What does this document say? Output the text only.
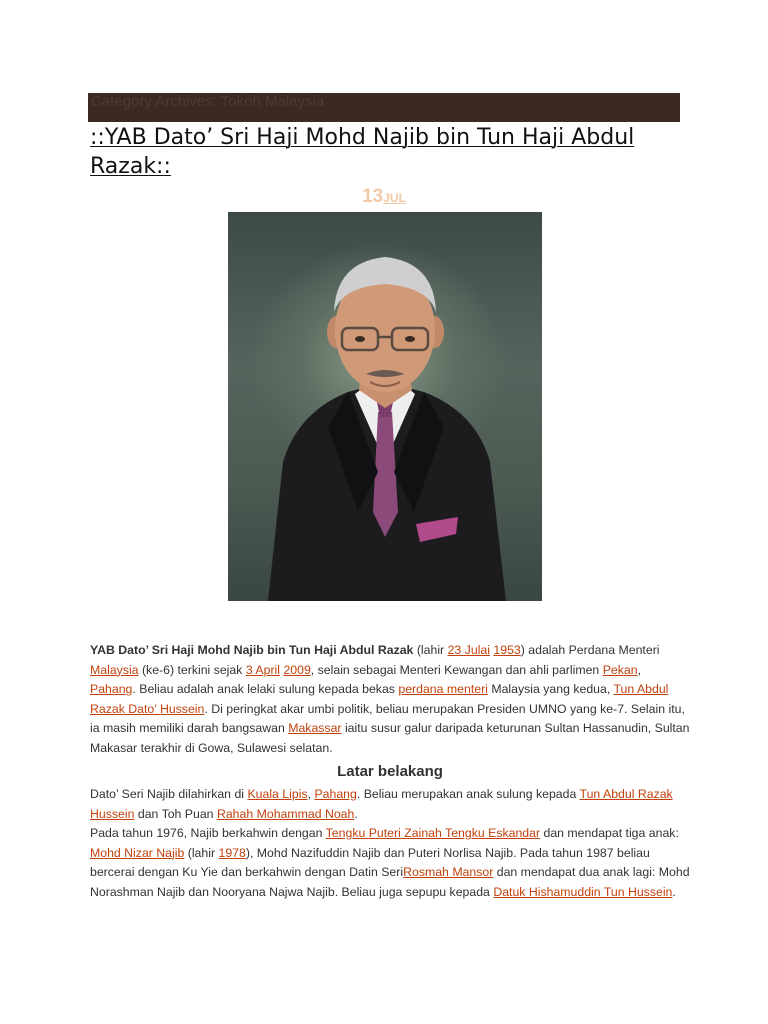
Category Archives: Tokoh Malaysia
::YAB Dato’ Sri Haji Mohd Najib bin Tun Haji Abdul Razak::
13JUL

YAB Dato’ Sri Haji Mohd Najib bin Tun Haji Abdul Razak (lahir 23 Julai 1953) adalah Perdana Menteri Malaysia (ke-6) terkini sejak 3 April 2009, selain sebagai Menteri Kewangan dan ahli parlimen Pekan, Pahang. Beliau adalah anak lelaki sulung kepada bekas perdana menteri Malaysia yang kedua, Tun Abdul Razak Dato’ Hussein. Di peringkat akar umbi politik, beliau merupakan Presiden UMNO yang ke-7. Selain itu, ia masih memiliki darah bangsawan Makassar iaitu susur galur daripada keturunan Sultan Hassanudin, Sultan Makasar terakhir di Gowa, Sulawesi selatan.

Latar belakang

Dato’ Seri Najib dilahirkan di Kuala Lipis, Pahang. Beliau merupakan anak sulung kepada Tun Abdul Razak Hussein dan Toh Puan Rahah Mohammad Noah.

Pada tahun 1976, Najib berkahwin dengan Tengku Puteri Zainah Tengku Eskandar dan mendapat tiga anak: Mohd Nizar Najib (lahir 1978), Mohd Nazifuddin Najib dan Puteri Norlisa Najib. Pada tahun 1987 beliau bercerai dengan Ku Yie dan berkahwin dengan Datin SeriRosmah Mansor dan mendapat dua anak lagi: Mohd Norashman Najib dan Nooryana Najwa Najib. Beliau juga sepupu kepada Datuk Hishamuddin Tun Hussein.
